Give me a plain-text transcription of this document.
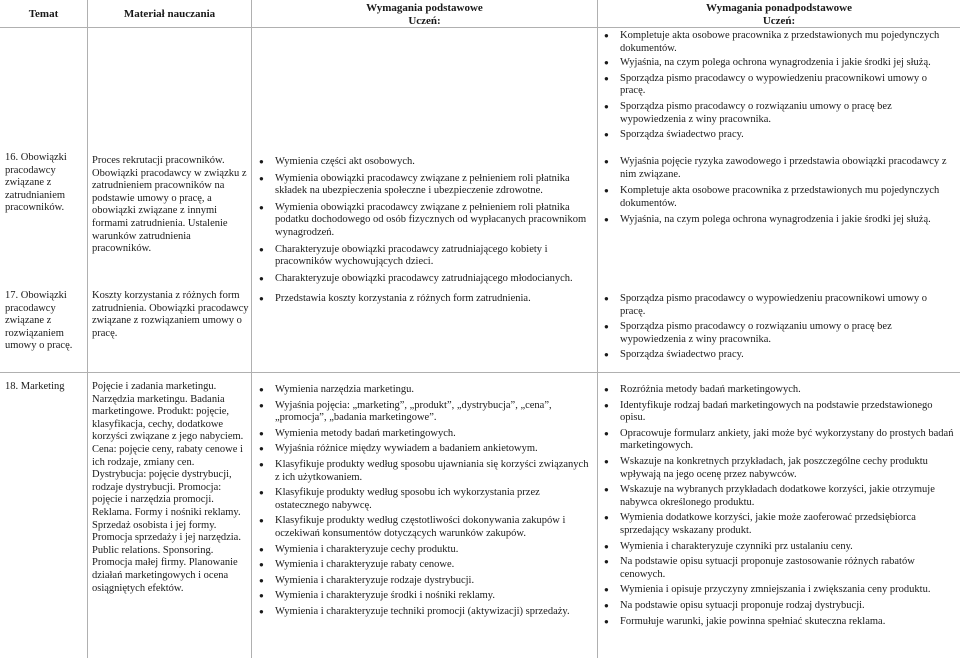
Temat	Materiał nauczania	Wymagania podstawowe
Uczeń:
Wymagania ponadpodstawowe
Uczeń:
● Kompletuje akta osobowe pracownika z przedstawionych mu pojedynczych dokumentów.
● Wyjaśnia, na czym polega ochrona wynagrodzenia i jakie środki jej służą.
● Sporządza pismo pracodawcy o wypowiedzeniu pracownikowi umowy o pracę.
● Sporządza pismo pracodawcy o rozwiązaniu umowy o pracę bez wypowiedzenia z winy pracownika.
● Sporządza świadectwo pracy.
16. Obowiązki pracodawcy związane z zatrudnianiem pracowników.
Proces rekrutacji pracowników. Obowiązki pracodawcy w związku z zatrudnieniem pracowników na podstawie umowy o pracę, a obowiązki związane z innymi formami zatrudnienia. Ustalenie warunków zatrudnienia pracowników.
● Wymienia części akt osobowych.
● Wymienia obowiązki pracodawcy związane z pełnieniem roli płatnika składek na ubezpieczenia społeczne i ubezpieczenie zdrowotne.
● Wymienia obowiązki pracodawcy związane z pełnieniem roli płatnika podatku dochodowego od osób fizycznych od wypłacanych pracownikom wynagrodzeń.
● Charakteryzuje obowiązki pracodawcy zatrudniającego kobiety i pracowników wychowujących dzieci.
● Charakteryzuje obowiązki pracodawcy zatrudniającego młodocianych.
● Wyjaśnia pojęcie ryzyka zawodowego i przedstawia obowiązki pracodawcy z nim związane.
● Kompletuje akta osobowe pracownika z przedstawionych mu pojedynczych dokumentów.
● Wyjaśnia, na czym polega ochrona wynagrodzenia i jakie środki jej służą.
17. Obowiązki pracodawcy związane z rozwiązaniem umowy o pracę.
Koszty korzystania z różnych form zatrudnienia. Obowiązki pracodawcy związane z rozwiązaniem umowy o pracę.
● Przedstawia koszty korzystania z różnych form zatrudnienia.
●	Sporządza pismo pracodawcy o wypowiedzeniu pracownikowi umowy o pracę.
● Sporządza pismo pracodawcy o rozwiązaniu umowy o pracę bez wypowiedzenia z winy pracownika.
● Sporządza świadectwo pracy.
18. Marketing	Pojęcie i zadania marketingu. Narzędzia marketingu. Badania marketingowe. Produkt: pojęcie, klasyfikacja, cechy, dodatkowe korzyści związane z jego nabyciem. Cena: pojęcie ceny, rabaty cenowe i ich rodzaje, zmiany cen. Dystrybucja: pojęcie dystrybucji, rodzaje dystrybucji. Promocja: pojęcie i narzędzia promocji. Reklama. Formy i nośniki reklamy. Sprzedaż osobista i jej formy. Promocja sprzedaży i jej narzędzia. Public relations. Sponsoring. Promocja małej firmy. Planowanie działań marketingowych i ocena osiągniętych efektów.
● Wymienia narzędzia marketingu.
● Wyjaśnia pojęcia: „marketing”, „produkt”, „dystrybucja”, „cena”, „promocja”, „badania marketingowe”.
● Wymienia metody badań marketingowych.
● Wyjaśnia różnice między wywiadem a badaniem ankietowym.
● Klasyfikuje produkty według sposobu ujawniania się korzyści związanych z ich użytkowaniem.
● Klasyfikuje produkty według sposobu ich wykorzystania przez ostatecznego nabywcę.
● Klasyfikuje produkty według częstotliwości dokonywania zakupów i oczekiwań konsumentów dotyczących warunków zakupów.
● Wymienia i charakteryzuje cechy produktu.
● Wymienia i charakteryzuje rabaty cenowe.
● Wymienia i charakteryzuje rodzaje dystrybucji.
● Wymienia i charakteryzuje środki i nośniki reklamy.
● Wymienia i charakteryzuje techniki promocji (aktywizacji) sprzedaży.
● Rozróżnia metody badań marketingowych.
● Identyfikuje rodzaj badań marketingowych na podstawie przedstawionego opisu.
● Opracowuje formularz ankiety, jaki może być wykorzystany do prostych badań marketingowych.
● Wskazuje na konkretnych przykładach, jak poszczególne cechy produktu wpływają na jego ocenę przez nabywców.
● Wskazuje na wybranych przykładach dodatkowe korzyści, jakie otrzymuje nabywca określonego produktu.
● Wymienia dodatkowe korzyści, jakie może zaoferować przedsiębiorca sprzedający wskazany produkt.
● Wymienia i charakteryzuje czynniki prz ustalaniu ceny.
● Na podstawie opisu sytuacji proponuje zastosowanie różnych rabatów cenowych.
● Wymienia i opisuje przyczyny zmniejszania i zwiększania ceny produktu.
● Na podstawie opisu sytuacji proponuje rodzaj dystrybucji.
● Formułuje warunki, jakie powinna spełniać skuteczna reklama.
